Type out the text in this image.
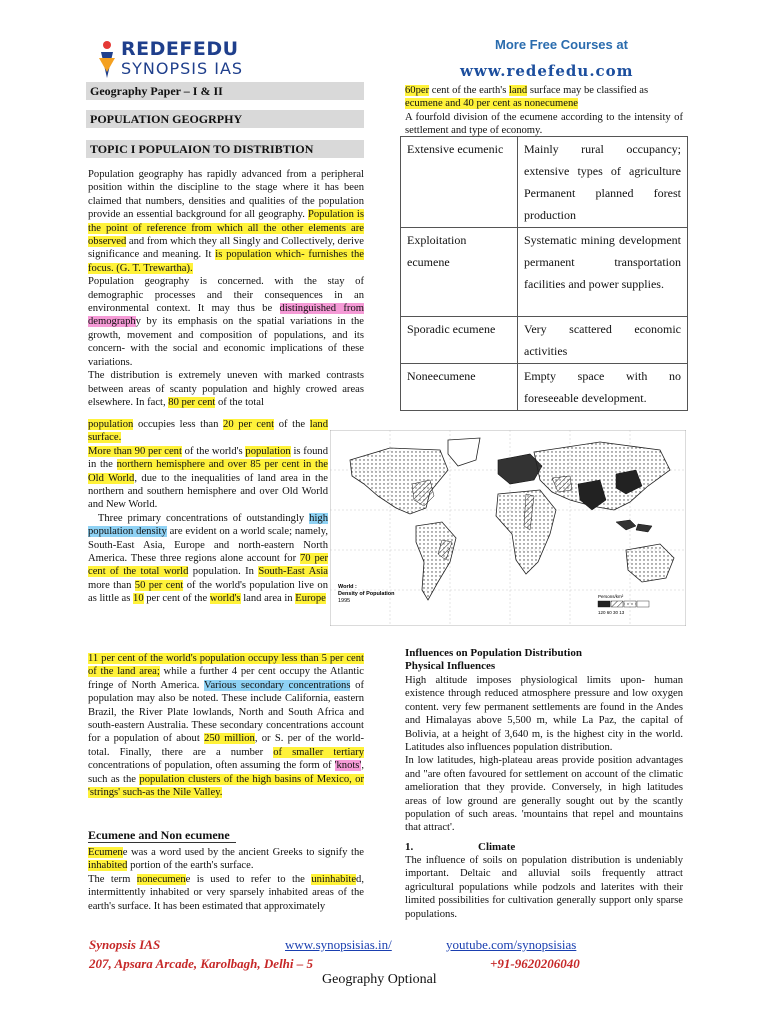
REDEFEDU
SYNOPSIS IAS
More Free Courses at
www.redefedu.com
Geography Paper – I & II
POPULATION GEOGRPHY
TOPIC I POPULAION TO DISTRIBTION
Population geography has rapidly advanced from a peripheral position within the discipline to the stage where it has been claimed that numbers, densities and qualities of the population provide an essential background for all geography. Population is the point of reference from which all the other elements are observed and from which they all Singly and Collectively, derive significance and meaning. It is population which- furnishes the focus. (G. T. Trewartha).
Population geography is concerned. with the stay of demographic processes and their consequences in an environmental context. It may thus be distinguished from demography by its emphasis on the spatial variations in the growth, movement and composition of populations, and its concern- with the social and economic implications of these variations.
The distribution is extremely uneven with marked contrasts between areas of scanty population and highly crowed areas elsewhere. In fact, 80 per cent of the total
population occupies less than 20 per cent of the land surface.
More than 90 per cent of the world's population is found in the northern hemisphere and over 85 per cent in the Old World, due to the inequalities of land area in the northern and southern hemisphere and over Old World and New World.
Three primary concentrations of outstandingly high population density are evident on a world scale; namely, South-East Asia, Europe and north-eastern North America. These three regions alone account for 70 per cent of the total world population. In South-East Asia more than 50 per cent of the world's population live on as little as 10 per cent of the world's land area in Europe
11 per cent of the world's population occupy less than 5 per cent of the land area; while a further 4 per cent occupy the Atlantic fringe of North America. Various secondary concentrations of population may also be noted. These include California, eastern Brazil, the River Plate lowlands, North and South Africa and south-eastern Australia. These secondary concentrations account for a population of about 250 million, or S. per of the world-total. Finally, there are a number of smaller tertiary concentrations of population, often assuming the form of 'knots', such as the population clusters of the high basins of Mexico, or 'strings' such-as the Nile Valley.
Ecumene and Non ecumene
Ecumene was a word used by the ancient Greeks to signify the inhabited portion of the earth's surface.
The term nonecumene is used to refer to the uninhabited, intermittently inhabited or very sparsely inhabited areas of the earth's surface. It has been estimated that approximately
60per cent of the earth's land surface may be classified as
ecumene and 40 per cent as nonecumene
A fourfold division of the ecumene according to the intensity of settlement and type of economy.
Extensive ecumenic	Mainly rural occupancy; extensive types of agriculture Permanent planned forest production
Exploitation ecumene	Systematic mining development permanent transportation facilities and power supplies.
Sporadic ecumene	Very scattered economic activities
Noneecumene	Empty space with no foreseeable development.
World :
Density of Population
1995
Persons/km²
120 60 30 13
Influences on Population Distribution
Physical Influences
High altitude imposes physiological limits upon- human existence through reduced atmosphere pressure and low oxygen content. very few permanent settlements are found in the Andes and Himalayas above 5,500 m, while La Paz, the capital of Bolivia, at a height of 3,640 m, is the highest city in the world. Latitudes also influences population distribution.
In low latitudes, high-plateau areas provide position advantages and "are often favoured for settlement on account of the climatic amelioration that they provide. Conversely, in high latitudes areas of low ground are generally sought out by the scantly population of such areas. 'mountains that repel and mountains that attract'.
1.	Climate
The influence of soils on population distribution is undeniably important. Deltaic and alluvial soils frequently attract agricultural populations while podzols and laterites with their limited possibilities for cultivation generally support only sparse populations.
Synopsis IAS
207, Apsara Arcade, Karolbagh, Delhi – 5
www.synopsisias.in/	youtube.com/synopsisias
+91-9620206040
Geography Optional
